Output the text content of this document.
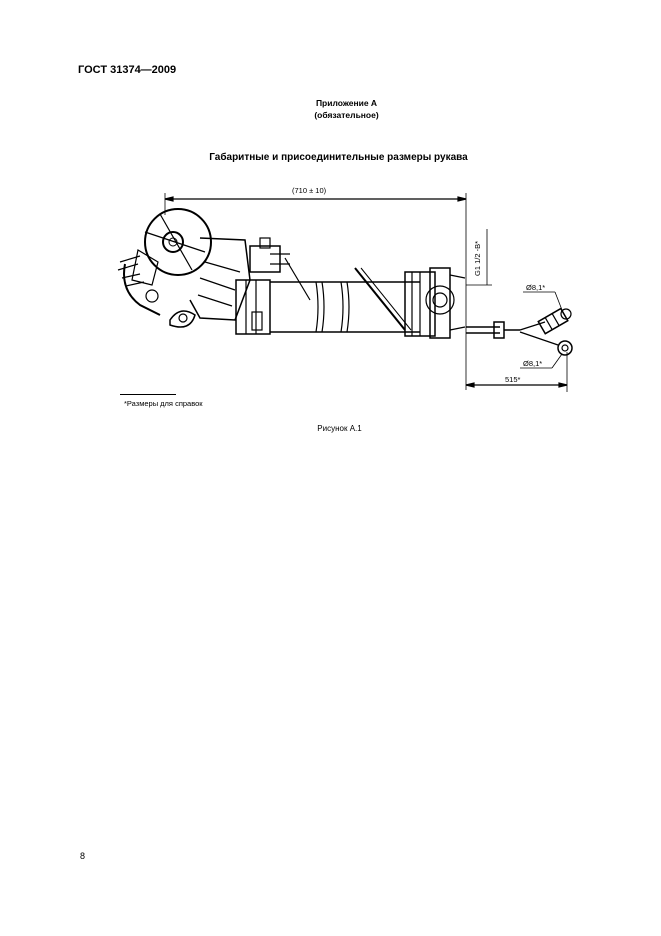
ГОСТ 31374—2009
Приложение А
(обязательное)
Габаритные и присоединительные размеры рукава
(710 ± 10)
G1 1/2 -B*
Ø8,1*
Ø8,1*
515*
*Размеры для справок
Рисунок А.1
8
